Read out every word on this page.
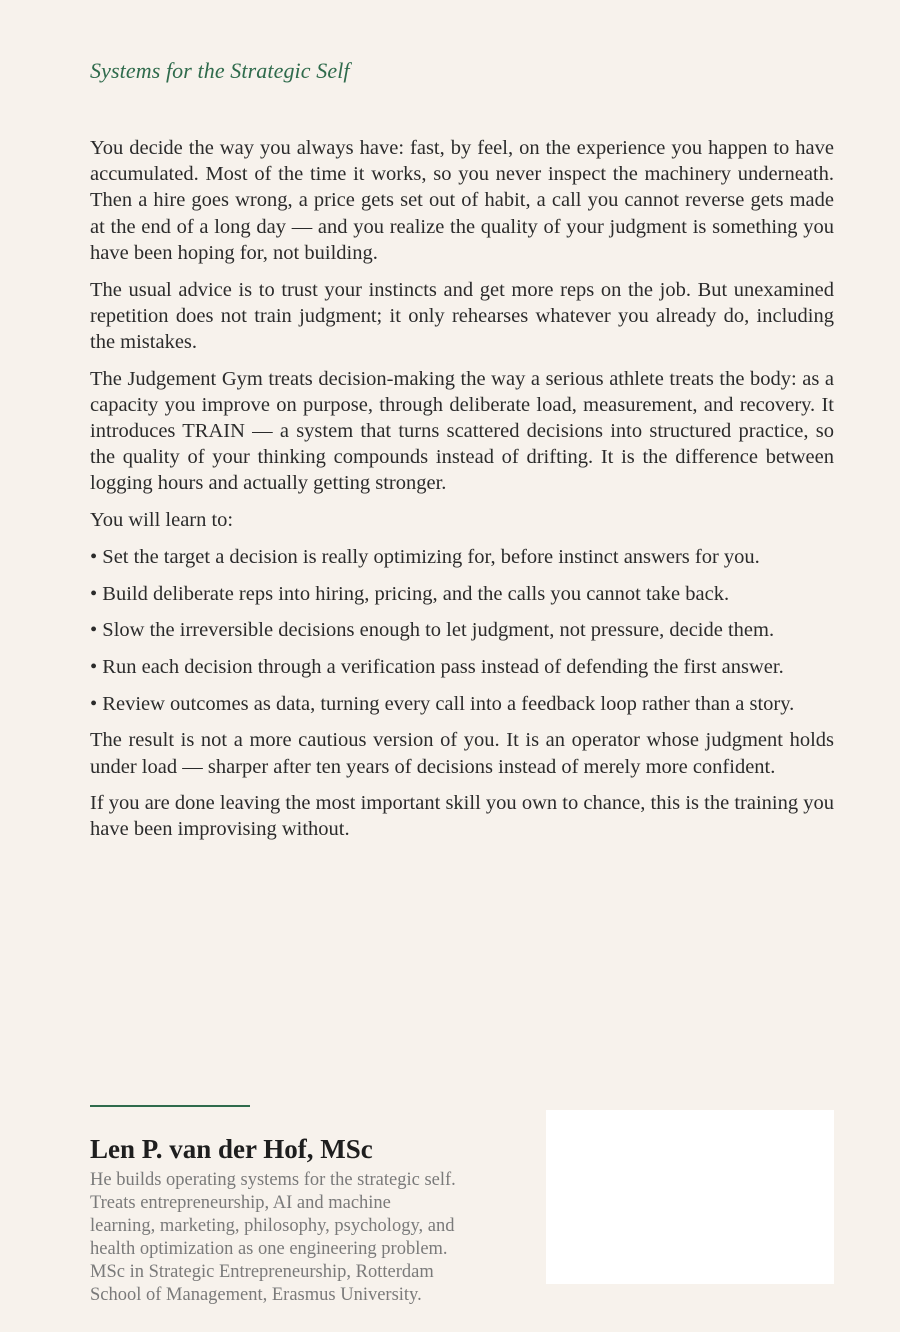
Systems for the Strategic Self

You decide the way you always have: fast, by feel, on the experience you happen to have accumulated. Most of the time it works, so you never inspect the machinery underneath. Then a hire goes wrong, a price gets set out of habit, a call you cannot reverse gets made at the end of a long day — and you realize the quality of your judgment is something you have been hoping for, not building.

The usual advice is to trust your instincts and get more reps on the job. But unexamined repetition does not train judgment; it only rehearses whatever you already do, including the mistakes.

The Judgement Gym treats decision-making the way a serious athlete treats the body: as a capacity you improve on purpose, through deliberate load, measurement, and recovery. It introduces TRAIN — a system that turns scattered decisions into structured practice, so the quality of your thinking compounds instead of drifting. It is the difference between logging hours and actually getting stronger.

You will learn to:

• Set the target a decision is really optimizing for, before instinct answers for you.

• Build deliberate reps into hiring, pricing, and the calls you cannot take back.

• Slow the irreversible decisions enough to let judgment, not pressure, decide them.

• Run each decision through a verification pass instead of defending the first answer.

• Review outcomes as data, turning every call into a feedback loop rather than a story.

The result is not a more cautious version of you. It is an operator whose judgment holds under load — sharper after ten years of decisions instead of merely more confident.

If you are done leaving the most important skill you own to chance, this is the training you have been improvising without.

Len P. van der Hof, MSc
He builds operating systems for the strategic self.
Treats entrepreneurship, AI and machine
learning, marketing, philosophy, psychology, and
health optimization as one engineering problem.
MSc in Strategic Entrepreneurship, Rotterdam
School of Management, Erasmus University.
